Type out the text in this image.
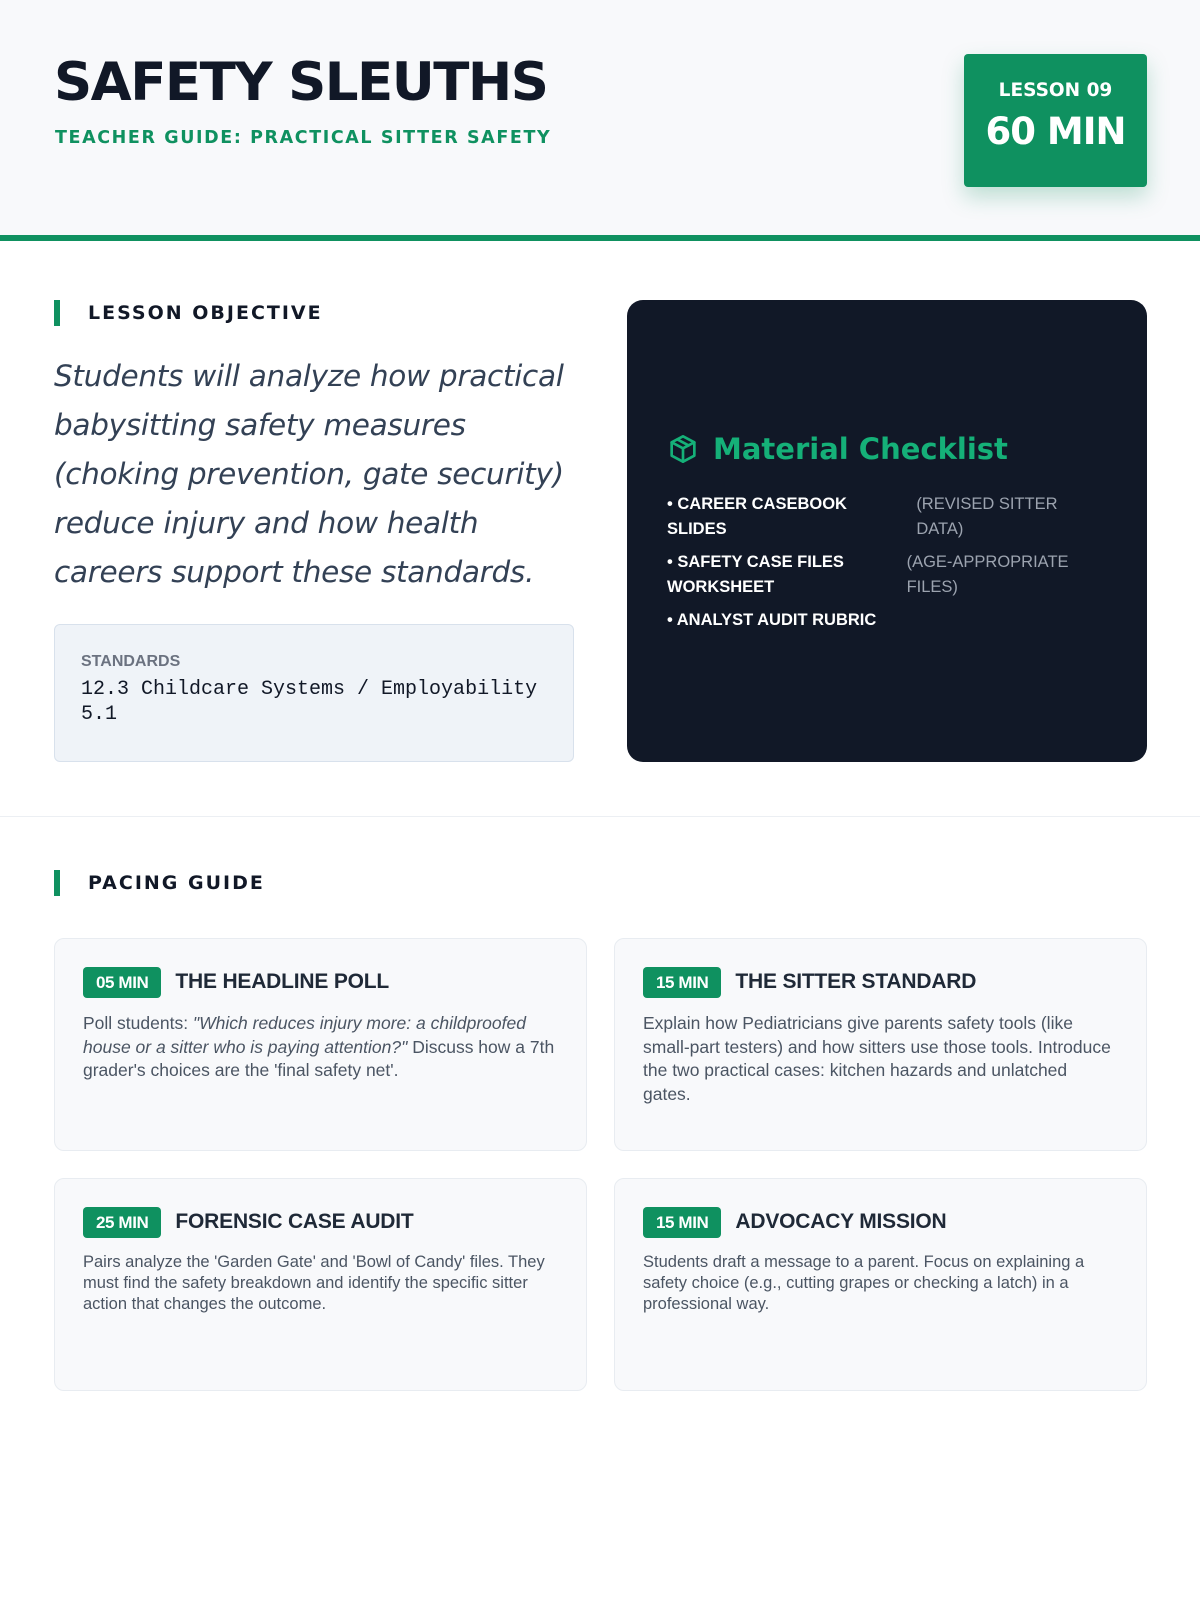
SAFETY SLEUTHS
TEACHER GUIDE: PRACTICAL SITTER SAFETY
LESSON 09
60 MIN
LESSON OBJECTIVE

Students will analyze how practical babysitting safety measures (choking prevention, gate security) reduce injury and how health careers support these standards.

STANDARDS
12.3 Childcare Systems / Employability 5.1
Material Checklist
• CAREER CASEBOOK SLIDES
(REVISED SITTER DATA)
• SAFETY CASE FILES WORKSHEET
(AGE-APPROPRIATE FILES)
• ANALYST AUDIT RUBRIC
PACING GUIDE
05 MIN	THE HEADLINE POLL

Poll students: "Which reduces injury more: a childproofed house or a sitter who is paying attention?" Discuss how a 7th grader's choices are the 'final safety net'.

15 MIN	THE SITTER STANDARD

Explain how Pediatricians give parents safety tools (like small-part testers) and how sitters use those tools. Introduce the two practical cases: kitchen hazards and unlatched gates.

25 MIN	FORENSIC CASE AUDIT

Pairs analyze the 'Garden Gate' and 'Bowl of Candy' files. They must find the safety breakdown and identify the specific sitter action that changes the outcome.

15 MIN	ADVOCACY MISSION

Students draft a message to a parent. Focus on explaining a safety choice (e.g., cutting grapes or checking a latch) in a professional way.
